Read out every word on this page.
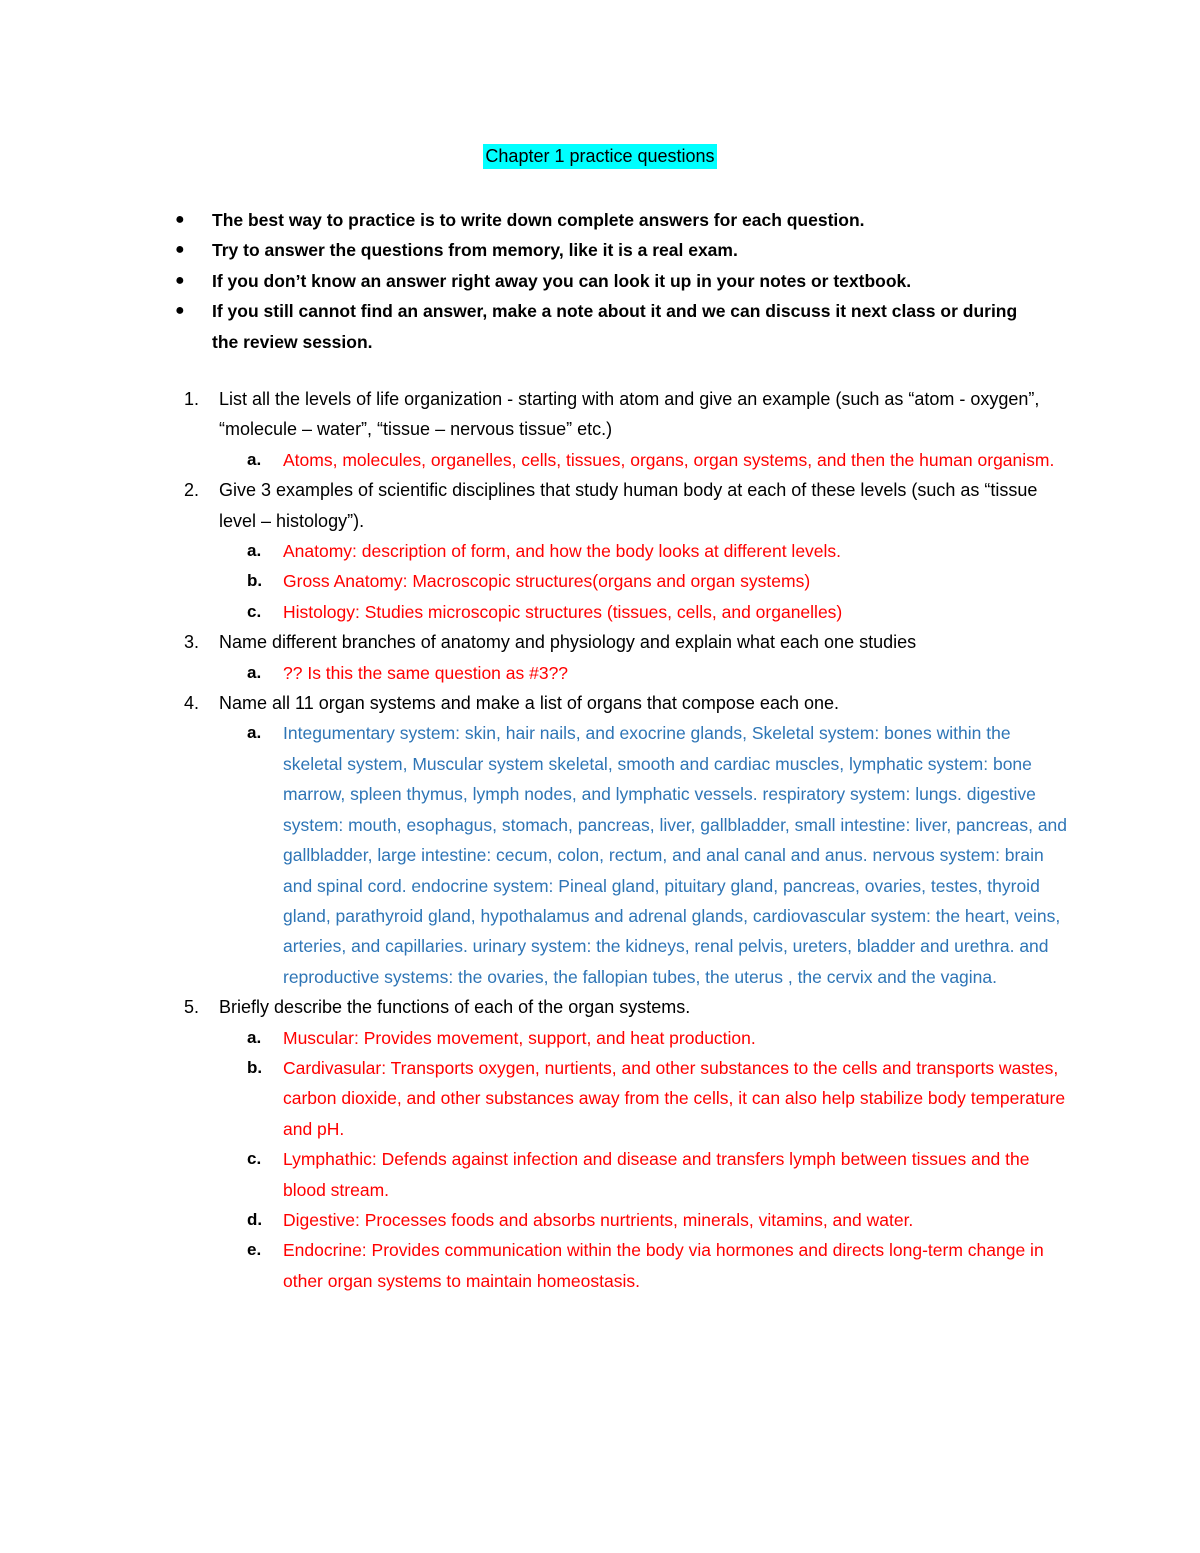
Chapter 1 practice questions
● The best way to practice is to write down complete answers for each question.
● Try to answer the questions from memory, like it is a real exam.
● If you don’t know an answer right away you can look it up in your notes or textbook.
● If you still cannot find an answer, make a note about it and we can discuss it next class or during the review session.
1. List all the levels of life organization - starting with atom and give an example (such as “atom - oxygen”, “molecule – water”, “tissue – nervous tissue” etc.)
a. Atoms, molecules, organelles, cells, tissues, organs, organ systems, and then the human organism.
2. Give 3 examples of scientific disciplines that study human body at each of these levels (such as “tissue level – histology”).
a. Anatomy: description of form, and how the body looks at different levels.
b. Gross Anatomy: Macroscopic structures(organs and organ systems)
c. Histology: Studies microscopic structures (tissues, cells, and organelles)
3. Name different branches of anatomy and physiology and explain what each one studies
a. ?? Is this the same question as #3??
4. Name all 11 organ systems and make a list of organs that compose each one.
a. Integumentary system: skin, hair nails, and exocrine glands, Skeletal system: bones within the skeletal system, Muscular system skeletal, smooth and cardiac muscles, lymphatic system: bone marrow, spleen thymus, lymph nodes, and lymphatic vessels. respiratory system: lungs. digestive system: mouth, esophagus, stomach, pancreas, liver, gallbladder, small intestine: liver, pancreas, and gallbladder, large intestine: cecum, colon, rectum, and anal canal and anus. nervous system: brain and spinal cord. endocrine system: Pineal gland, pituitary gland, pancreas, ovaries, testes, thyroid gland, parathyroid gland, hypothalamus and adrenal glands, cardiovascular system: the heart, veins, arteries, and capillaries. urinary system: the kidneys, renal pelvis, ureters, bladder and urethra. and reproductive systems: the ovaries, the fallopian tubes, the uterus , the cervix and the vagina.
5. Briefly describe the functions of each of the organ systems.
a. Muscular: Provides movement, support, and heat production.
b. Cardivasular: Transports oxygen, nurtients, and other substances to the cells and transports wastes, carbon dioxide, and other substances away from the cells, it can also help stabilize body temperature and pH.
c. Lymphathic: Defends against infection and disease and transfers lymph between tissues and the blood stream.
d. Digestive: Processes foods and absorbs nurtrients, minerals, vitamins, and water.
e. Endocrine: Provides communication within the body via hormones and directs long-term change in other organ systems to maintain homeostasis.
